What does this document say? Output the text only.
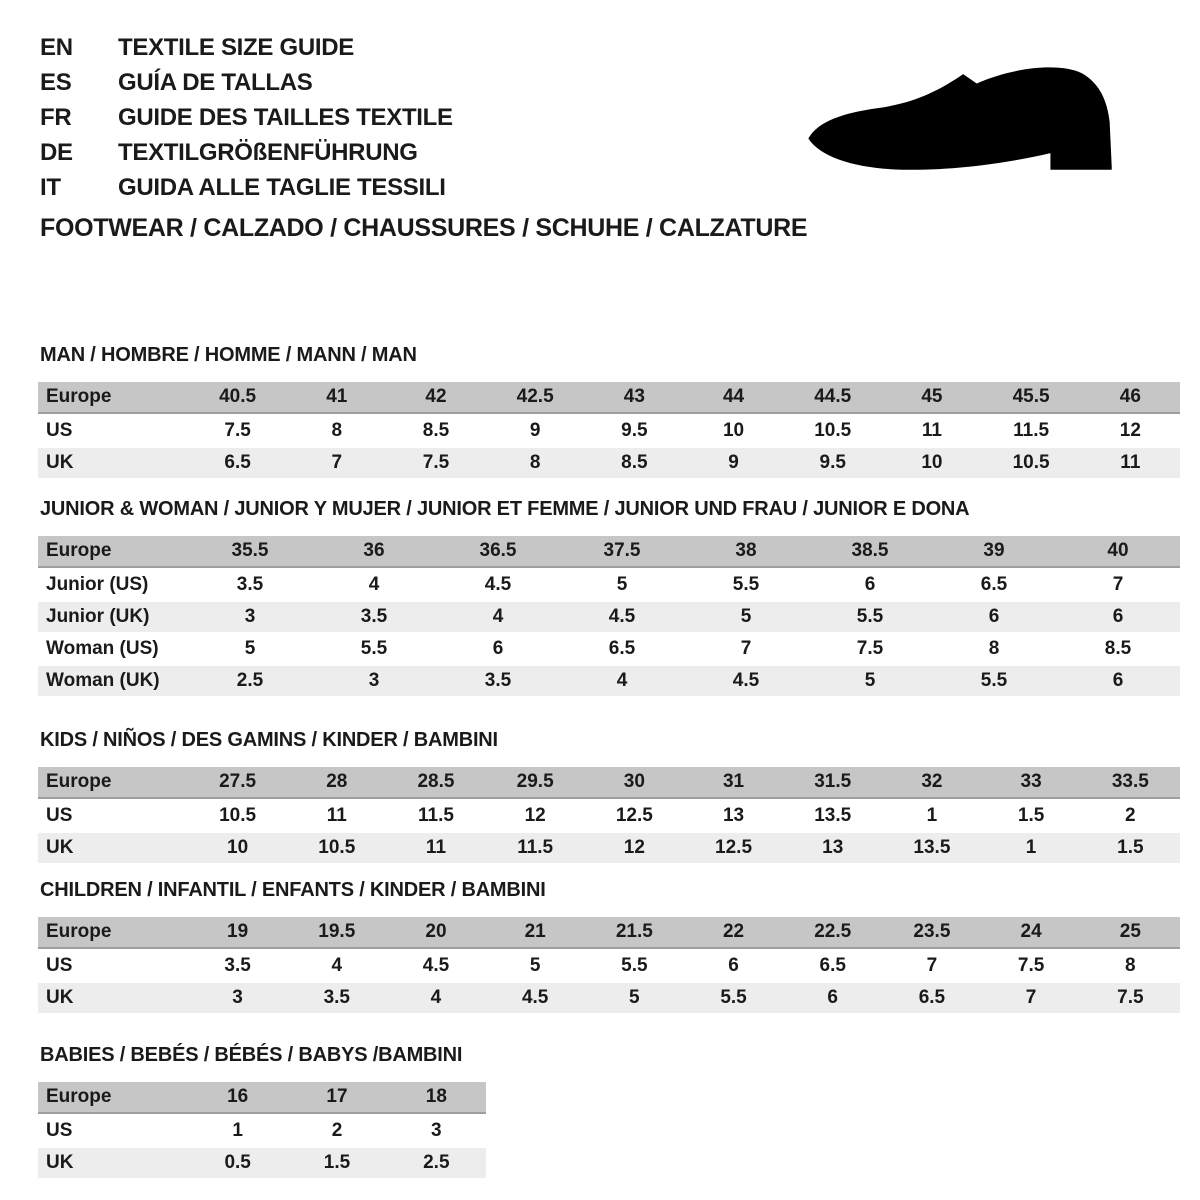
EN TEXTILE SIZE GUIDE
ES GUÍA DE TALLAS
FR GUIDE DES TAILLES TEXTILE
DE TEXTILGRÖßENFÜHRUNG
IT GUIDA ALLE TAGLIE TESSILI
FOOTWEAR / CALZADO / CHAUSSURES / SCHUHE / CALZATURE
MAN / HOMBRE / HOMME / MANN / MAN
Europe	40.5	41	42	42.5	43	44	44.5	45	45.5	46
US	7.5	8	8.5	9	9.5	10	10.5	11	11.5	12
UK	6.5	7	7.5	8	8.5	9	9.5	10	10.5	11
JUNIOR & WOMAN / JUNIOR Y MUJER / JUNIOR ET FEMME / JUNIOR UND FRAU / JUNIOR E DONA
Europe	35.5	36	36.5	37.5	38	38.5	39	40
Junior (US)	3.5	4	4.5	5	5.5	6	6.5	7
Junior (UK)	3	3.5	4	4.5	5	5.5	6	6
Woman (US)	5	5.5	6	6.5	7	7.5	8	8.5
Woman (UK)	2.5	3	3.5	4	4.5	5	5.5	6
KIDS / NIÑOS / DES GAMINS / KINDER / BAMBINI
Europe	27.5	28	28.5	29.5	30	31	31.5	32	33	33.5
US	10.5	11	11.5	12	12.5	13	13.5	1	1.5	2
UK	10	10.5	11	11.5	12	12.5	13	13.5	1	1.5
CHILDREN / INFANTIL / ENFANTS / KINDER / BAMBINI
Europe	19	19.5	20	21	21.5	22	22.5	23.5	24	25
US	3.5	4	4.5	5	5.5	6	6.5	7	7.5	8
UK	3	3.5	4	4.5	5	5.5	6	6.5	7	7.5
BABIES / BEBÉS / BÉBÉS / BABYS /BAMBINI
Europe	16	17	18
US	1	2	3
UK	0.5	1.5	2.5
